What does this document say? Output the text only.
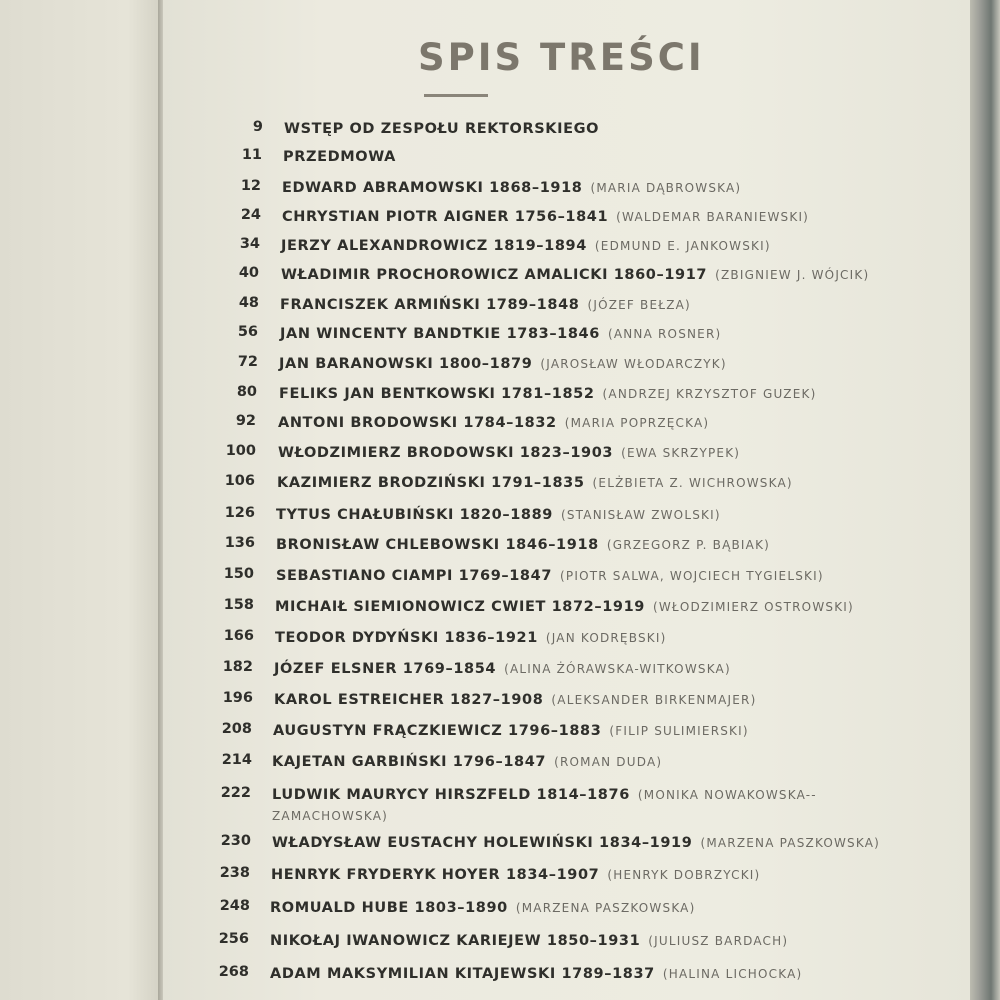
SPIS TREŚCI
9 WSTĘP OD ZESPOŁU REKTORSKIEGO
11 PRZEDMOWA
12 EDWARD ABRAMOWSKI 1868–1918 (MARIA DĄBROWSKA)
24 CHRYSTIAN PIOTR AIGNER 1756–1841 (WALDEMAR BARANIEWSKI)
34 JERZY ALEXANDROWICZ 1819–1894 (EDMUND E. JANKOWSKI)
40 WŁADIMIR PROCHOROWICZ AMALICKI 1860–1917 (ZBIGNIEW J. WÓJCIK)
48 FRANCISZEK ARMIŃSKI 1789–1848 (JÓZEF BEŁZA)
56 JAN WINCENTY BANDTKIE 1783–1846 (ANNA ROSNER)
72 JAN BARANOWSKI 1800–1879 (JAROSŁAW WŁODARCZYK)
80 FELIKS JAN BENTKOWSKI 1781–1852 (ANDRZEJ KRZYSZTOF GUZEK)
92 ANTONI BRODOWSKI 1784–1832 (MARIA POPRZĘCKA)
100 WŁODZIMIERZ BRODOWSKI 1823–1903 (EWA SKRZYPEK)
106 KAZIMIERZ BRODZIŃSKI 1791–1835 (ELŻBIETA Z. WICHROWSKA)
126 TYTUS CHAŁUBIŃSKI 1820–1889 (STANISŁAW ZWOLSKI)
136 BRONISŁAW CHLEBOWSKI 1846–1918 (GRZEGORZ P. BĄBIAK)
150 SEBASTIANO CIAMPI 1769–1847 (PIOTR SALWA, WOJCIECH TYGIELSKI)
158 MICHAIŁ SIEMIONOWICZ CWIET 1872–1919 (WŁODZIMIERZ OSTROWSKI)
166 TEODOR DYDYŃSKI 1836–1921 (JAN KODRĘBSKI)
182 JÓZEF ELSNER 1769–1854 (ALINA ŻÓRAWSKA-WITKOWSKA)
196 KAROL ESTREICHER 1827–1908 (ALEKSANDER BIRKENMAJER)
208 AUGUSTYN FRĄCZKIEWICZ 1796–1883 (FILIP SULIMIERSKI)
214 KAJETAN GARBIŃSKI 1796–1847 (ROMAN DUDA)
222 LUDWIK MAURYCY HIRSZFELD 1814–1876 (MONIKA NOWAKOWSKA--ZAMACHOWSKA)
230 WŁADYSŁAW EUSTACHY HOLEWIŃSKI 1834–1919 (MARZENA PASZKOWSKA)
238 HENRYK FRYDERYK HOYER 1834–1907 (HENRYK DOBRZYCKI)
248 ROMUALD HUBE 1803–1890 (MARZENA PASZKOWSKA)
256 NIKOŁAJ IWANOWICZ KARIEJEW 1850–1931 (JULIUSZ BARDACH)
268 ADAM MAKSYMILIAN KITAJEWSKI 1789–1837 (HALINA LICHOCKA)
